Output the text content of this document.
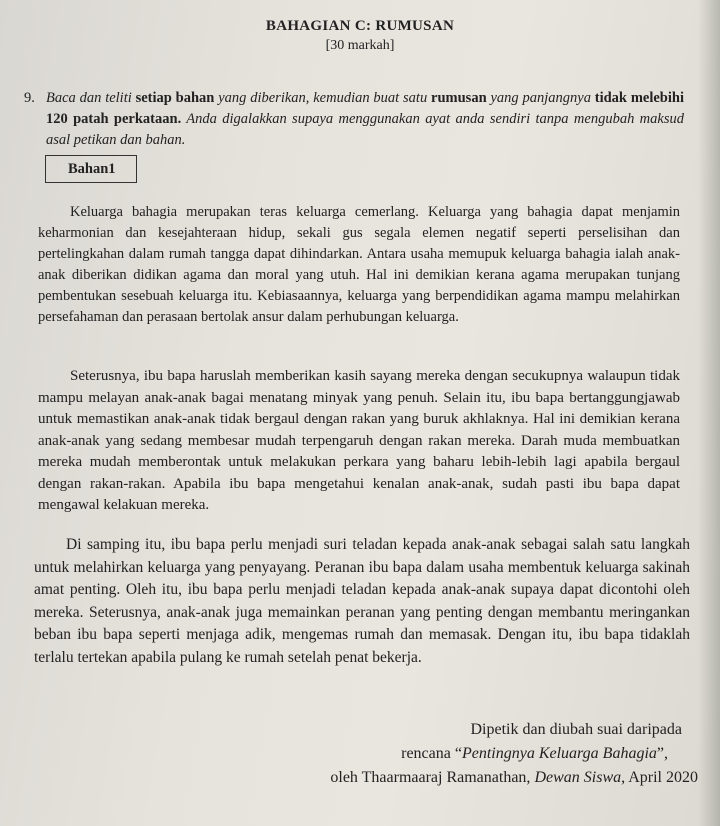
BAHAGIAN C: RUMUSAN
[30 markah]
9. Baca dan teliti setiap bahan yang diberikan, kemudian buat satu rumusan yang panjangnya tidak melebihi 120 patah perkataan. Anda digalakkan supaya menggunakan ayat anda sendiri tanpa mengubah maksud asal petikan dan bahan.
Bahan1

Keluarga bahagia merupakan teras keluarga cemerlang. Keluarga yang bahagia dapat menjamin keharmonian dan kesejahteraan hidup, sekali gus segala elemen negatif seperti perselisihan dan pertelingkahan dalam rumah tangga dapat dihindarkan. Antara usaha memupuk keluarga bahagia ialah anak-anak diberikan didikan agama dan moral yang utuh. Hal ini demikian kerana agama merupakan tunjang pembentukan sesebuah keluarga itu. Kebiasaannya, keluarga yang berpendidikan agama mampu melahirkan persefahaman dan perasaan bertolak ansur dalam perhubungan keluarga.

Seterusnya, ibu bapa haruslah memberikan kasih sayang mereka dengan secukupnya walaupun tidak mampu melayan anak-anak bagai menatang minyak yang penuh. Selain itu, ibu bapa bertanggungjawab untuk memastikan anak-anak tidak bergaul dengan rakan yang buruk akhlaknya. Hal ini demikian kerana anak-anak yang sedang membesar mudah terpengaruh dengan rakan mereka. Darah muda membuatkan mereka mudah memberontak untuk melakukan perkara yang baharu lebih-lebih lagi apabila bergaul dengan rakan-rakan. Apabila ibu bapa mengetahui kenalan anak-anak, sudah pasti ibu bapa dapat mengawal kelakuan mereka.

Di samping itu, ibu bapa perlu menjadi suri teladan kepada anak-anak sebagai salah satu langkah untuk melahirkan keluarga yang penyayang. Peranan ibu bapa dalam usaha membentuk keluarga sakinah amat penting. Oleh itu, ibu bapa perlu menjadi teladan kepada anak-anak supaya dapat dicontohi oleh mereka. Seterusnya, anak-anak juga memainkan peranan yang penting dengan membantu meringankan beban ibu bapa seperti menjaga adik, mengemas rumah dan memasak. Dengan itu, ibu bapa tidaklah terlalu tertekan apabila pulang ke rumah setelah penat bekerja.

Dipetik dan diubah suai daripada
rencana “Pentingnya Keluarga Bahagia”,
oleh Thaarmaaraj Ramanathan, Dewan Siswa, April 2020
